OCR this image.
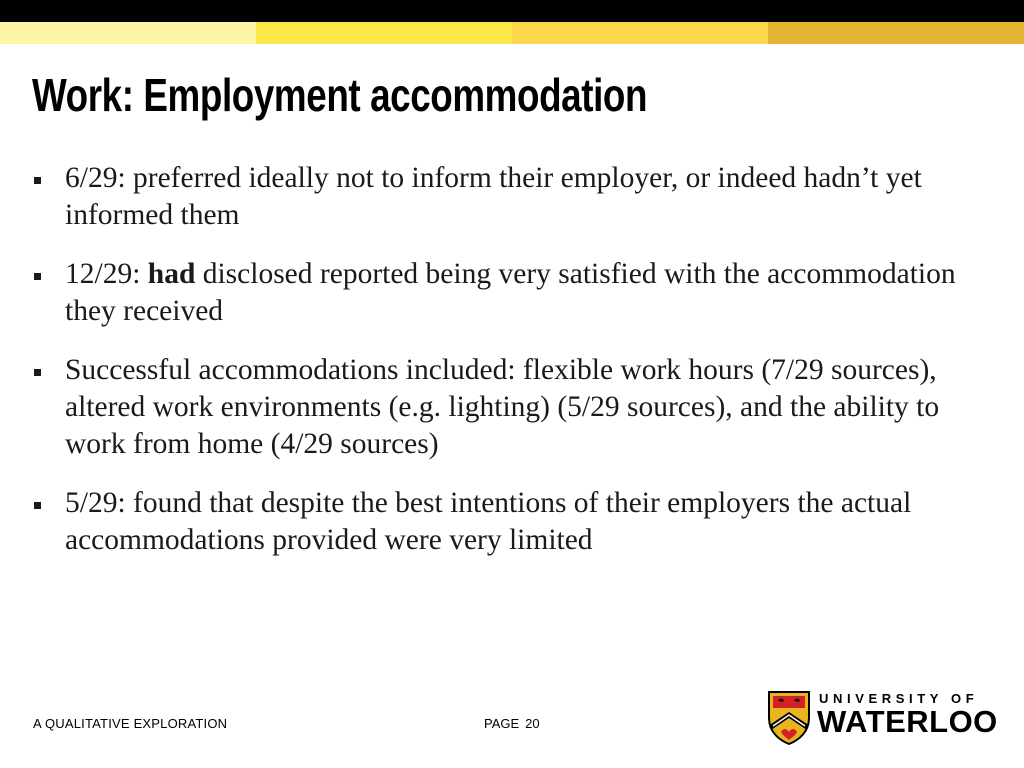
Work: Employment accommodation
6/29: preferred ideally not to inform their employer, or indeed hadn’t yet informed them
12/29: had disclosed reported being very satisfied with the accommodation they received
Successful accommodations included: flexible work hours (7/29 sources), altered work environments (e.g. lighting) (5/29 sources), and the ability to work from home (4/29 sources)
5/29: found that despite the best intentions of their employers the actual accommodations provided were very limited
A QUALITATIVE EXPLORATION	PAGE 20
UNIVERSITY OF
WATERLOO
